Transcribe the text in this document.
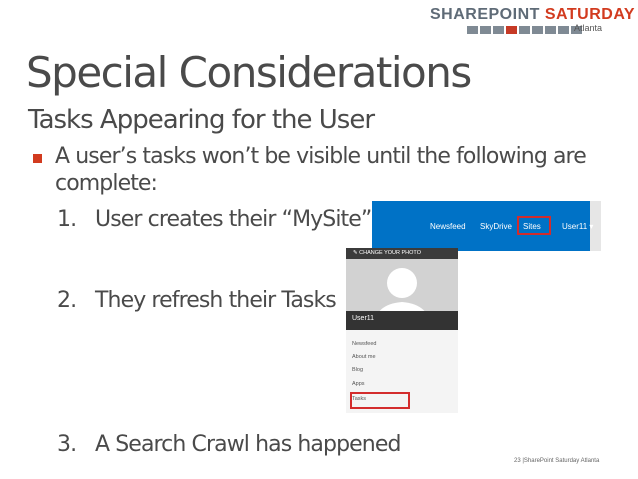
SHAREPOINT SATURDAY
Atlanta
Special Considerations
Tasks Appearing for the User
A user’s tasks won’t be visible until the following are complete:
1. User creates their “MySite”
2. They refresh their Tasks
3. A Search Crawl has happened
Newsfeed SkyDrive Sites	User11 ▾
✎ CHANGE YOUR PHOTO
User11
Newsfeed
About me
Blog
Apps
Tasks
23 |SharePoint Saturday Atlanta
